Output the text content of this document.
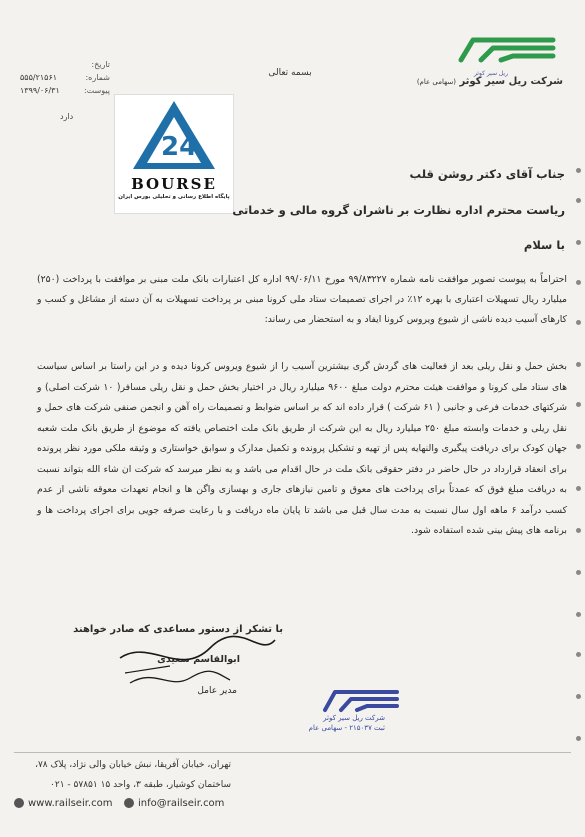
تاریخ:
شماره:
۵۵۵/۲۱۵۶۱
پیوست:
۱۳۹۹/۰۶/۳۱
دارد
بسمه تعالی	ریل سیر کوثر
شرکت ریل سیر کوثر (سهامی عام)
24
BOURSE
پایگاه اطلاع رسانی و تحلیلی بورس ایران
جناب آقای دکتر روشن قلب
ریاست محترم اداره نظارت بر ناشران گروه مالی و خدماتی
با سلام
احتراماً به پیوست تصویر موافقت نامه شماره ۹۹/۸۳۲۲۷ مورخ ۹۹/۰۶/۱۱ اداره کل اعتبارات بانک ملت مبنی بر موافقت با پرداخت (۲۵۰) میلیارد ریال تسهیلات اعتباری با بهره ۱۲٪ در اجرای تصمیمات ستاد ملی کرونا مبنی بر پرداخت تسهیلات به آن دسته از مشاغل و کسب و کارهای آسیب دیده ناشی از شیوع ویروس کرونا ایفاد و به استحضار می رساند:
بخش حمل و نقل ریلی بعد از فعالیت های گردش گری بیشترین آسیب را از شیوع ویروس کرونا دیده و در این راستا بر اساس سیاست های ستاد ملی کرونا و موافقت هیئت محترم دولت مبلغ ۹۶۰۰ میلیارد ریال در اختیار بخش حمل و نقل ریلی مسافر( ۱۰ شرکت اصلی) و شرکتهای خدمات فرعی و جانبی ( ۶۱ شرکت ) قرار داده اند که بر اساس ضوابط و تصمیمات راه آهن و انجمن صنفی شرکت های حمل و نقل ریلی و خدمات وابسته مبلغ ۲۵۰ میلیارد ریال به این شرکت از طریق بانک ملت اختصاص یافته که موضوع از طریق بانک ملت شعبه جهان کودک برای دریافت پیگیری والنهایه پس از تهیه و تشکیل پرونده و تکمیل مدارک و سوابق خواستاری و وثیقه ملکی مورد نظر پرونده برای انعقاد قرارداد در حال حاضر در دفتر حقوقی بانک ملت در حال اقدام می باشد و به نظر میرسد که شرکت ان شاء الله بتواند نسبت به دریافت مبلغ فوق که عمدتاً برای پرداخت های معوق و تامین نیازهای جاری و بهسازی واگن ها و انجام تعهدات معوقه ناشی از عدم کسب درآمد ۶ ماهه اول سال نسبت به مدت سال قبل می باشد تا پایان ماه دریافت و با رعایت صرفه جویی برای اجرای پرداخت ها و برنامه های پیش بینی شده استفاده شود.
با تشکر از دستور مساعدی که صادر خواهند
ابوالقاسم سعیدی
مدیر عامل
شرکت ریل سیر کوثر
ثبت ۲۱۵۰۳۷ - سهامی عام
تهران، خیابان آفریقا، نبش خیابان والی نژاد، پلاک ۷۸،
ساختمان کوشیار، طبقه ۳، واحد ۱۵ ۵۷۸۵۱ - ۰۲۱
www.railseir.com	info@railseir.com
